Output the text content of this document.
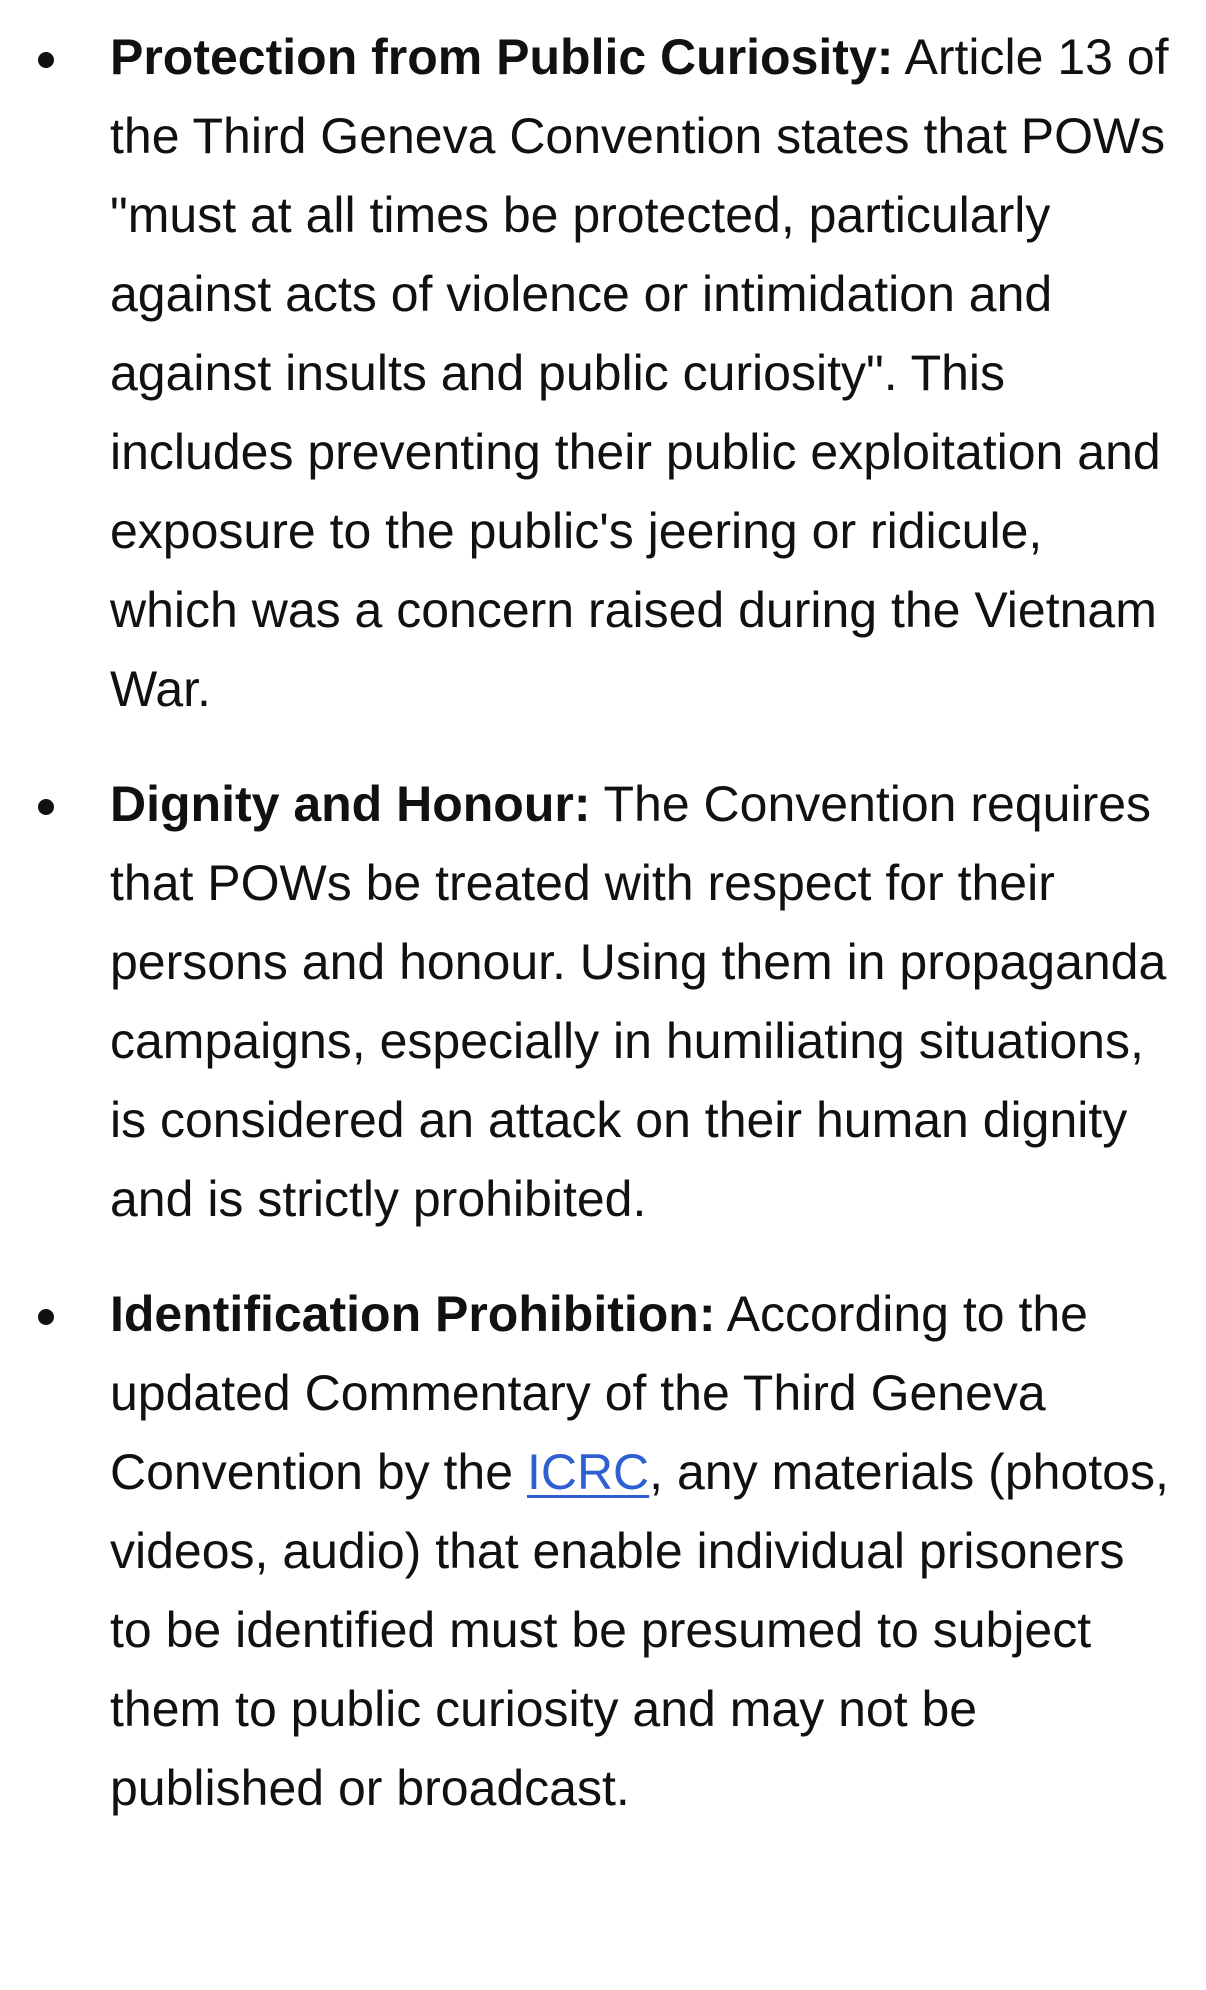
Protection from Public Curiosity: Article 13 of the Third Geneva Convention states that POWs "must at all times be protected, particularly against acts of violence or intimidation and against insults and public curiosity". This includes preventing their public exploitation and exposure to the public's jeering or ridicule, which was a concern raised during the Vietnam War.
Dignity and Honour: The Convention requires that POWs be treated with respect for their persons and honour. Using them in propaganda campaigns, especially in humiliating situations, is considered an attack on their human dignity and is strictly prohibited.
Identification Prohibition: According to the updated Commentary of the Third Geneva Convention by the ICRC, any materials (photos, videos, audio) that enable individual prisoners to be identified must be presumed to subject them to public curiosity and may not be published or broadcast.
